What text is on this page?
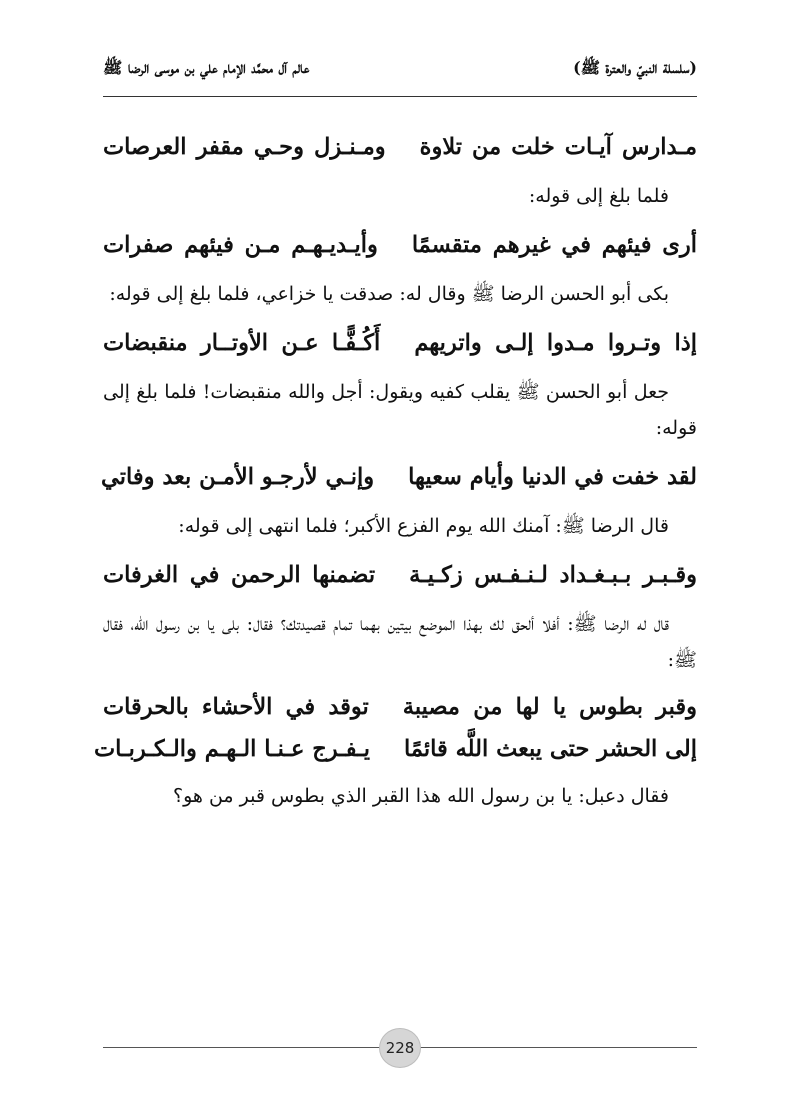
(سلسلة النبيّ والعترة ﷺ)
عالم آل محمَّد الإمام علي بن موسى الرضا ﷺ
مـدارس آيـات خلت من تلاوةومـنـزل وحـي مقفر العرصات
فلما بلغ إلى قوله:
أرى فيئهم في غيرهم متقسمًاوأيـديـهـم مـن فيئهم صفرات
بكى أبو الحسن الرضا ﷺ وقال له: صدقت يا خزاعي، فلما بلغ إلى قوله:
إذا وتـروا مـدوا إلـى واتريهمأَكُـفًّـا عـن الأوتــار منقبضات
جعل أبو الحسن ﷺ يقلب كفيه ويقول: أجل والله منقبضات! فلما بلغ إلى قوله:
لقد خفت في الدنيا وأيام سعيهاوإنـي لأرجـو الأمـن بعد وفاتي
قال الرضا ﷺ: آمنك الله يوم الفزع الأكبر؛ فلما انتهى إلى قوله:
وقـبـر بـبـغـداد لـنـفـس زكـيـةتضمنها الرحمن في الغرفات
قال له الرضا ﷺ: أفلا ألحق لك بهذا الموضع بيتين بهما تمام قصيدتك؟ فقال: بلى يا بن رسول الله، فقال ﷺ:
وقبر بطوس يا لها من مصيبةتوقد في الأحشاء بالحرقات
إلى الحشر حتى يبعث اللَّه قائمًايـفـرج عـنـا الـهـم والـكـربـات
فقال دعبل: يا بن رسول الله هذا القبر الذي بطوس قبر من هو؟
228
